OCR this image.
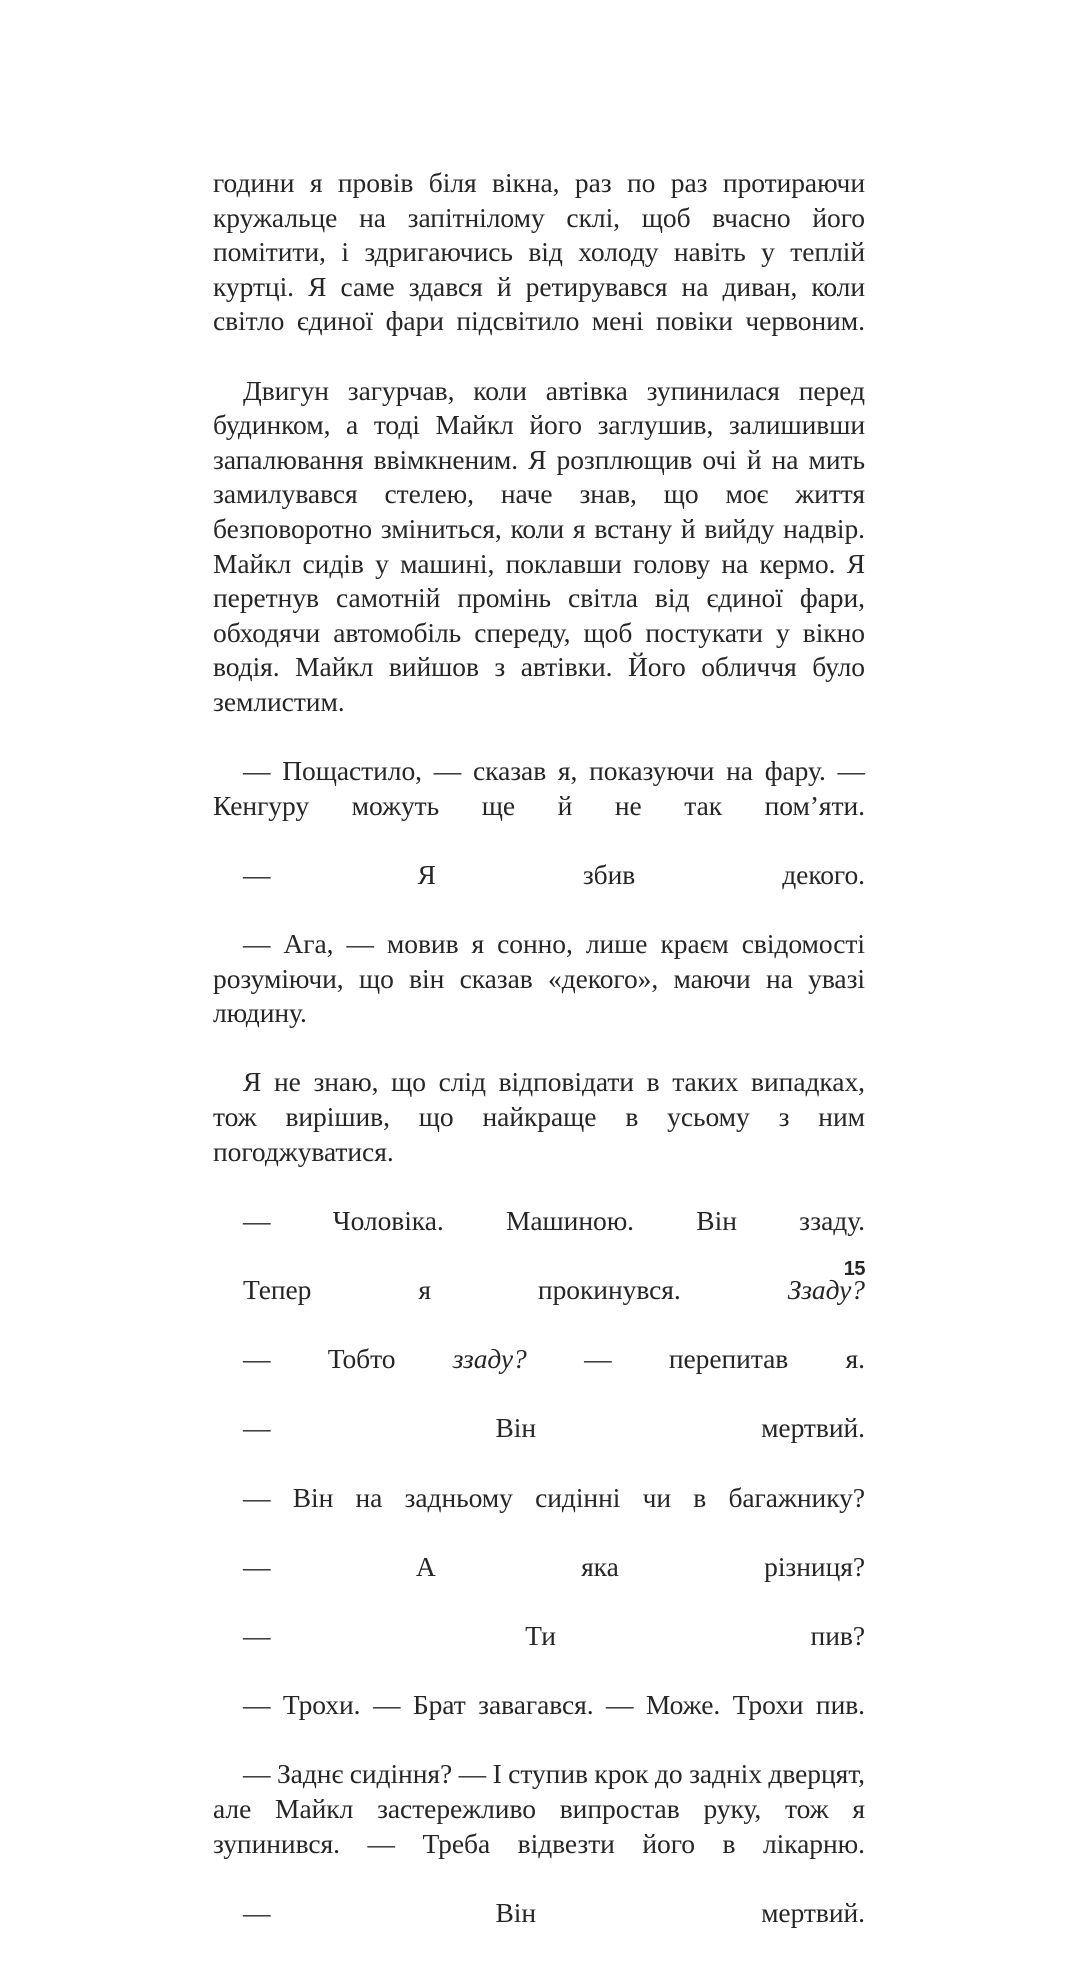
години я провів біля вікна, раз по раз протираючи кружальце на запітнілому склі, щоб вчасно його помітити, і здригаючись від холоду навіть у теплій куртці. Я саме здався й ретирувався на диван, коли світло єдиної фари підсвітило мені повіки червоним.

Двигун загурчав, коли автівка зупинилася перед будинком, а тоді Майкл його заглушив, залишивши запалювання ввімкненим. Я розплющив очі й на мить замилувався стелею, наче знав, що моє життя безповоротно зміниться, коли я встану й вийду надвір. Майкл сидів у машині, поклавши голову на кермо. Я перетнув самотній промінь світла від єдиної фари, обходячи автомобіль спереду, щоб постукати у вікно водія. Майкл вийшов з автівки. Його обличчя було землистим.

— Пощастило, — сказав я, показуючи на фару. — Кенгуру можуть ще й не так пом’яти.

— Я збив декого.

— Ага, — мовив я сонно, лише краєм свідомості розуміючи, що він сказав «декого», маючи на увазі людину.

Я не знаю, що слід відповідати в таких випадках, тож вирішив, що найкраще в усьому з ним погоджуватися.

— Чоловіка. Машиною. Він ззаду.

Тепер я прокинувся. Ззаду?

— Тобто ззаду? — перепитав я.

— Він мертвий.

— Він на задньому сидінні чи в багажнику?

— А яка різниця?

— Ти пив?

— Трохи. — Брат завагався. — Може. Трохи пив.

— Заднє сидіння? — І ступив крок до задніх дверцят, але Майкл застережливо випростав руку, тож я зупинився. — Треба відвезти його в лікарню.

— Він мертвий.

15
